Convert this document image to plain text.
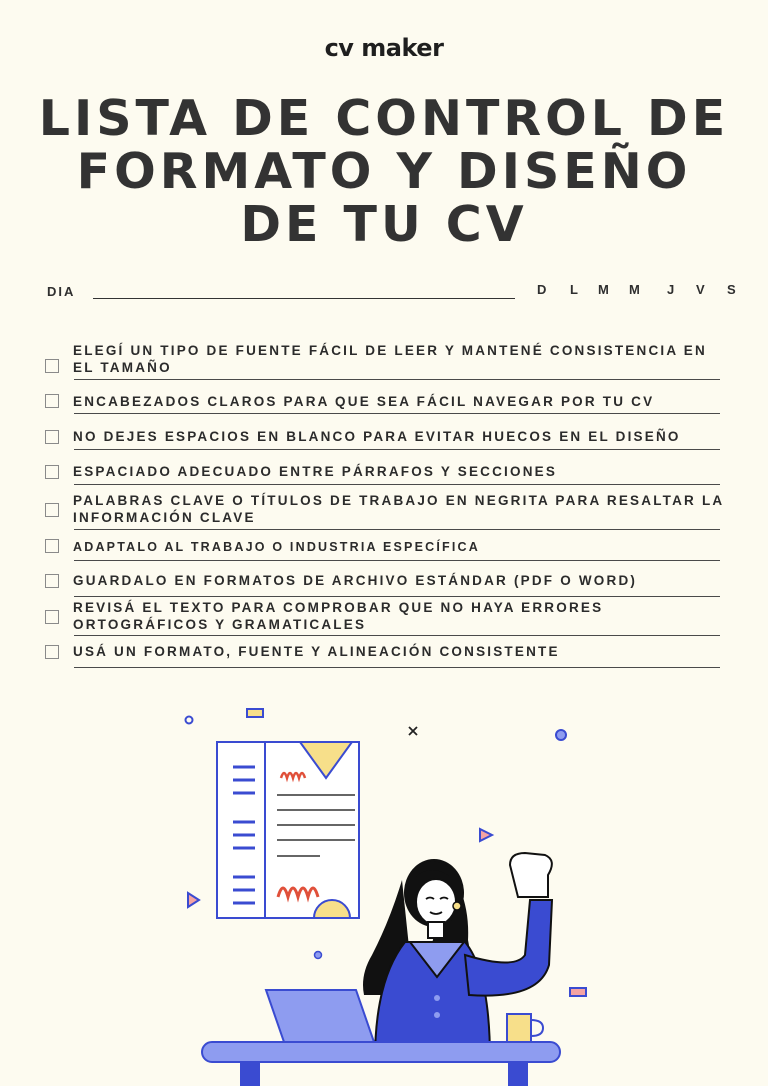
cv maker
LISTA DE CONTROL DE
FORMATO Y DISEÑO
DE TU CV
DIA	D L M M J V S
ELEGÍ UN TIPO DE FUENTE FÁCIL DE LEER Y MANTENÉ CONSISTENCIA EN EL TAMAÑO
ENCABEZADOS CLAROS PARA QUE SEA FÁCIL NAVEGAR POR TU CV
NO DEJES ESPACIOS EN BLANCO PARA EVITAR HUECOS EN EL DISEÑO
ESPACIADO ADECUADO ENTRE PÁRRAFOS Y SECCIONES
PALABRAS CLAVE O TÍTULOS DE TRABAJO EN NEGRITA PARA RESALTAR LA INFORMACIÓN CLAVE
ADAPTALO AL TRABAJO O INDUSTRIA ESPECÍFICA
GUARDALO EN FORMATOS DE ARCHIVO ESTÁNDAR (PDF O WORD)
REVISÁ EL TEXTO PARA COMPROBAR QUE NO HAYA ERRORES ORTOGRÁFICOS Y GRAMATICALES
USÁ UN FORMATO, FUENTE Y ALINEACIÓN CONSISTENTE
